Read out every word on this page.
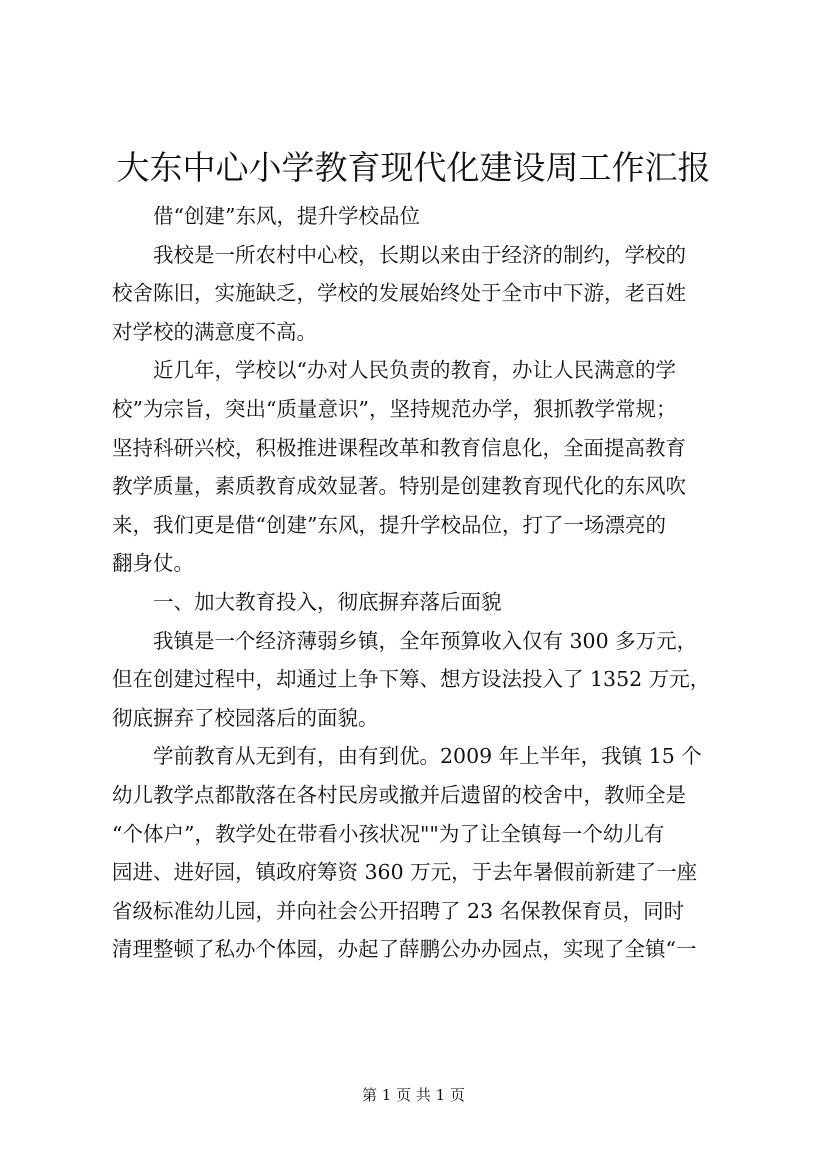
大东中心小学教育现代化建设周工作汇报
借“创建”东风，提升学校品位
我校是一所农村中心校，长期以来由于经济的制约，学校的
校舍陈旧，实施缺乏，学校的发展始终处于全市中下游，老百姓
对学校的满意度不高。
近几年，学校以“办对人民负责的教育，办让人民满意的学
校”为宗旨，突出“质量意识”，坚持规范办学，狠抓教学常规；
坚持科研兴校，积极推进课程改革和教育信息化，全面提高教育
教学质量，素质教育成效显著。特别是创建教育现代化的东风吹
来，我们更是借“创建”东风，提升学校品位，打了一场漂亮的
翻身仗。
一、加大教育投入，彻底摒弃落后面貌
我镇是一个经济薄弱乡镇，全年预算收入仅有 300 多万元，
但在创建过程中，却通过上争下筹、想方设法投入了 1352 万元，
彻底摒弃了校园落后的面貌。
学前教育从无到有，由有到优。2009 年上半年，我镇 15 个
幼儿教学点都散落在各村民房或撤并后遗留的校舍中，教师全是
“个体户”，教学处在带看小孩状况""为了让全镇每一个幼儿有
园进、进好园，镇政府筹资 360 万元，于去年暑假前新建了一座
省级标准幼儿园，并向社会公开招聘了 23 名保教保育员，同时
清理整顿了私办个体园，办起了薛鹏公办办园点，实现了全镇“一
第 1 页 共 1 页
